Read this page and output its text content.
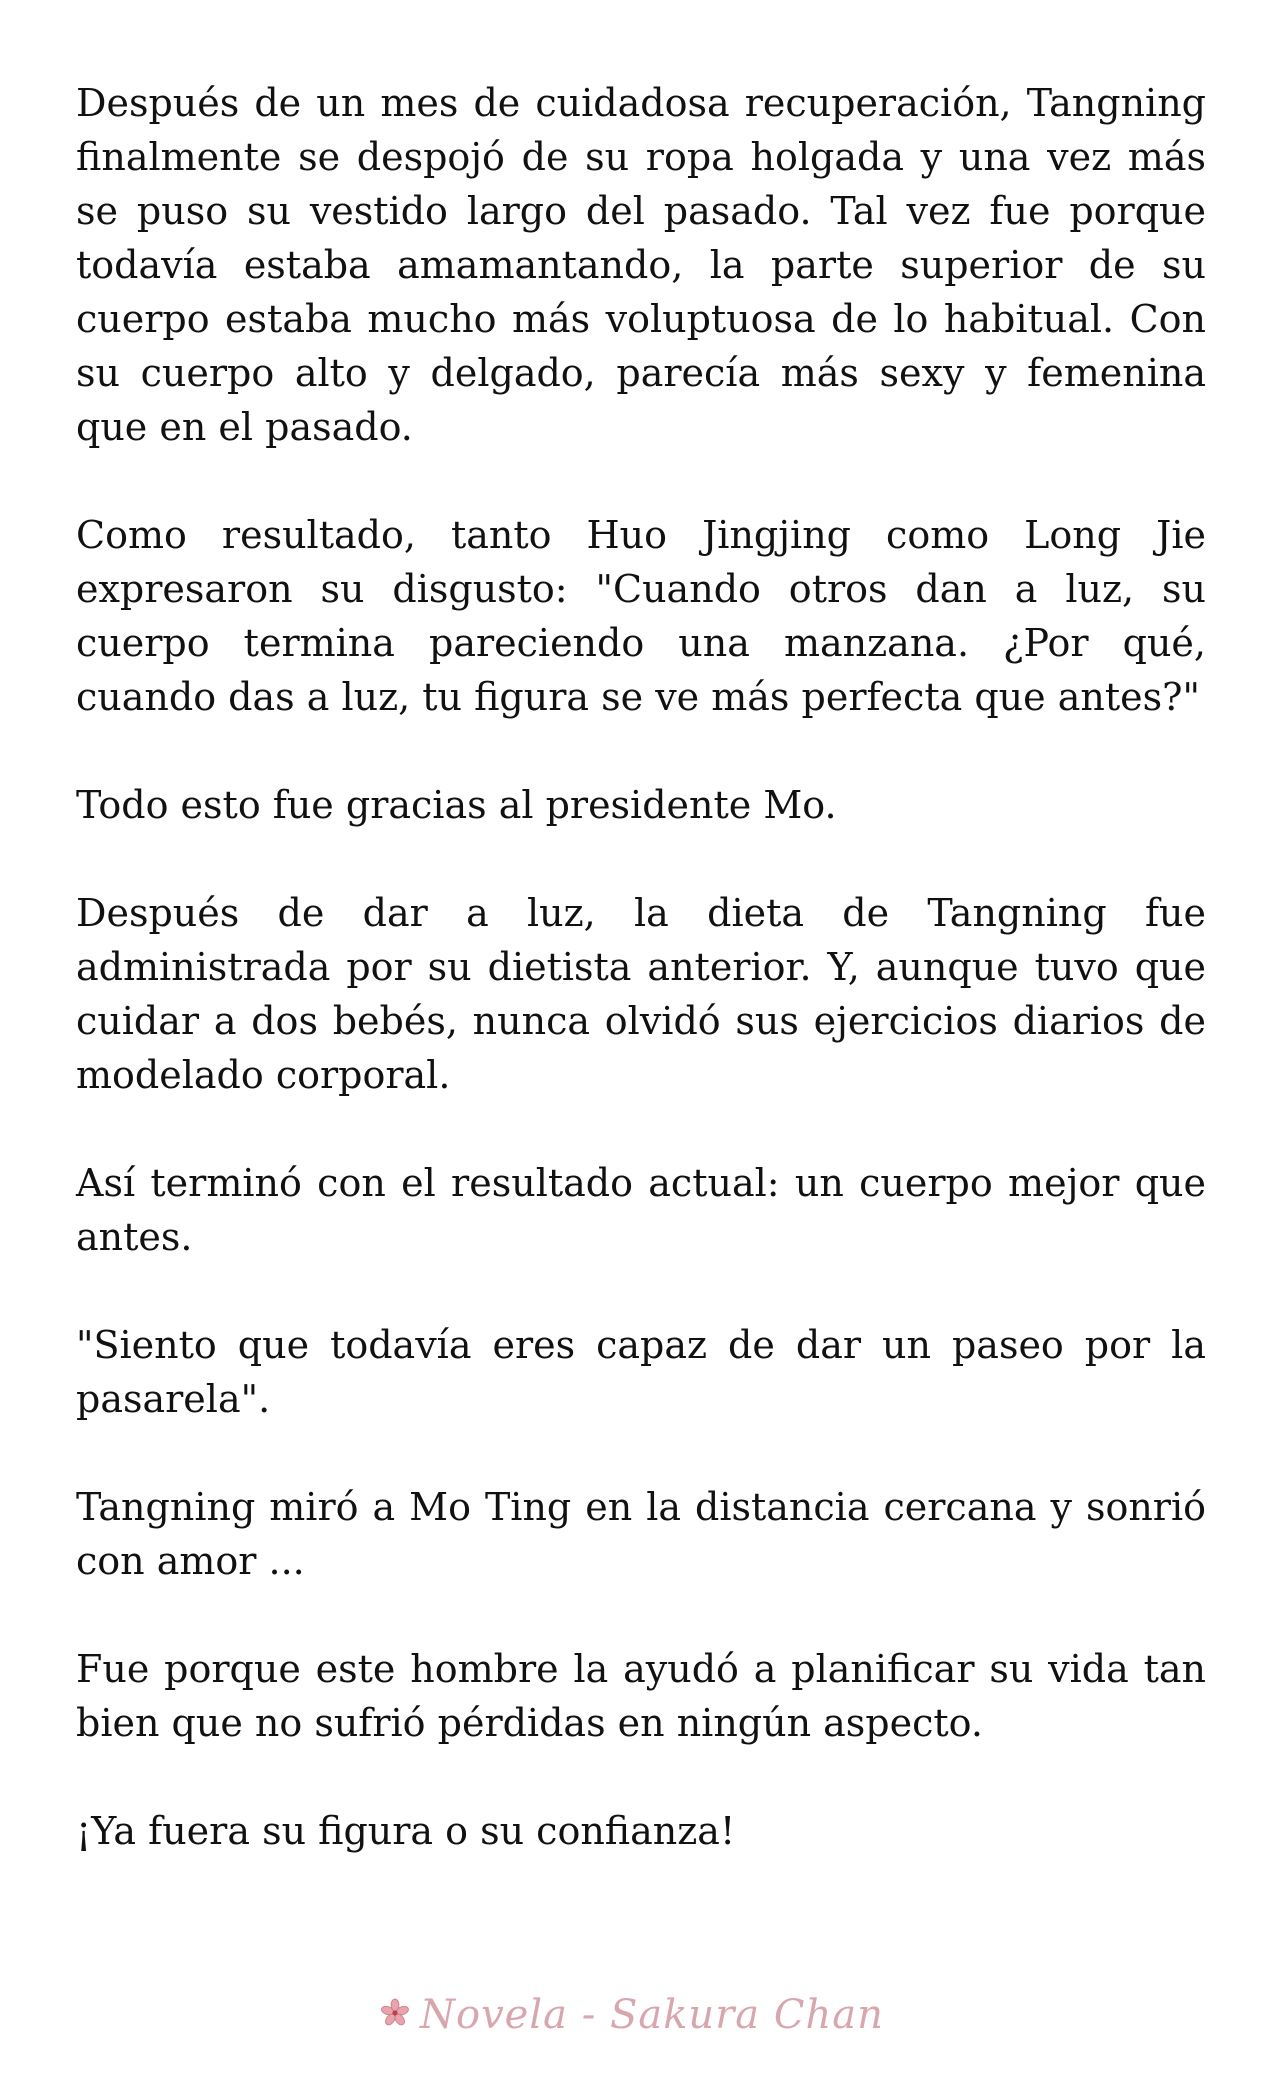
Después de un mes de cuidadosa recuperación, Tangning finalmente se despojó de su ropa holgada y una vez más se puso su vestido largo del pasado. Tal vez fue porque todavía estaba amamantando, la parte superior de su cuerpo estaba mucho más voluptuosa de lo habitual. Con su cuerpo alto y delgado, parecía más sexy y femenina que en el pasado.

Como resultado, tanto Huo Jingjing como Long Jie expresaron su disgusto: "Cuando otros dan a luz, su cuerpo termina pareciendo una manzana. ¿Por qué, cuando das a luz, tu figura se ve más perfecta que antes?"

Todo esto fue gracias al presidente Mo.

Después de dar a luz, la dieta de Tangning fue administrada por su dietista anterior. Y, aunque tuvo que cuidar a dos bebés, nunca olvidó sus ejercicios diarios de modelado corporal.

Así terminó con el resultado actual: un cuerpo mejor que antes.

"Siento que todavía eres capaz de dar un paseo por la pasarela".

Tangning miró a Mo Ting en la distancia cercana y sonrió con amor ...

Fue porque este hombre la ayudó a planificar su vida tan bien que no sufrió pérdidas en ningún aspecto.

¡Ya fuera su figura o su confianza!

Novela - Sakura Chan
